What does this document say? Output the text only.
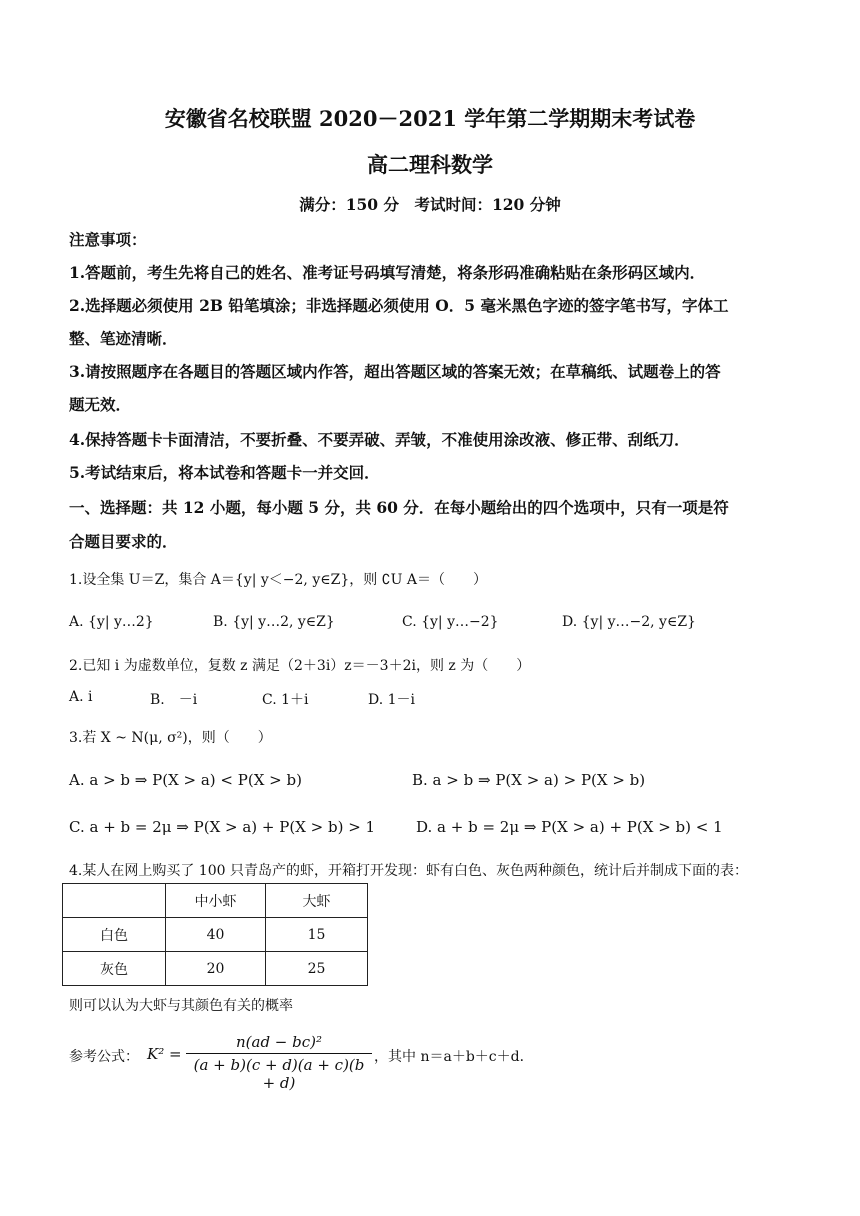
安徽省名校联盟 2020－2021 学年第二学期期末考试卷
高二理科数学
满分：150 分　考试时间：120 分钟
注意事项：
1.答题前，考生先将自己的姓名、准考证号码填写清楚，将条形码准确粘贴在条形码区域内．
2.选择题必须使用 2B 铅笔填涂；非选择题必须使用 O．5 毫米黑色字迹的签字笔书写，字体工
整、笔迹清晰．
3.请按照题序在各题目的答题区域内作答，超出答题区域的答案无效；在草稿纸、试题卷上的答
题无效．
4.保持答题卡卡面清洁，不要折叠、不要弄破、弄皱，不准使用涂改液、修正带、刮纸刀．
5.考试结束后，将本试卷和答题卡一并交回．
一、选择题：共 12 小题，每小题 5 分，共 60 分．在每小题给出的四个选项中，只有一项是符
合题目要求的．
1.设全集 U＝Z，集合 A＝{y| y＜−2, y∈Z}，则 ∁U A＝（　　）
A. {y| y…2}	B. {y| y…2, y∈Z}	C. {y| y…−2}	D. {y| y…−2, y∈Z}
2.已知 i 为虚数单位，复数 z 满足（2＋3i）z＝－3＋2i，则 z 为（　　）
A. i	B.　－i	C. 1＋i	D. 1－i
3.若 X ~ N(μ, σ²)，则（　　）
A. a > b ⇒ P(X > a) < P(X > b)	B. a > b ⇒ P(X > a) > P(X > b)
C. a + b = 2μ ⇒ P(X > a) + P(X > b) > 1	D. a + b = 2μ ⇒ P(X > a) + P(X > b) < 1
4.某人在网上购买了 100 只青岛产的虾，开箱打开发现：虾有白色、灰色两种颜色，统计后并制成下面的表：
	中小虾	大虾
白色	40	15
灰色	20	25
则可以认为大虾与其颜色有关的概率
参考公式： K² =
n(ad − bc)²
(a + b)(c + d)(a + c)(b + d)
，其中 n＝a＋b＋c＋d．
